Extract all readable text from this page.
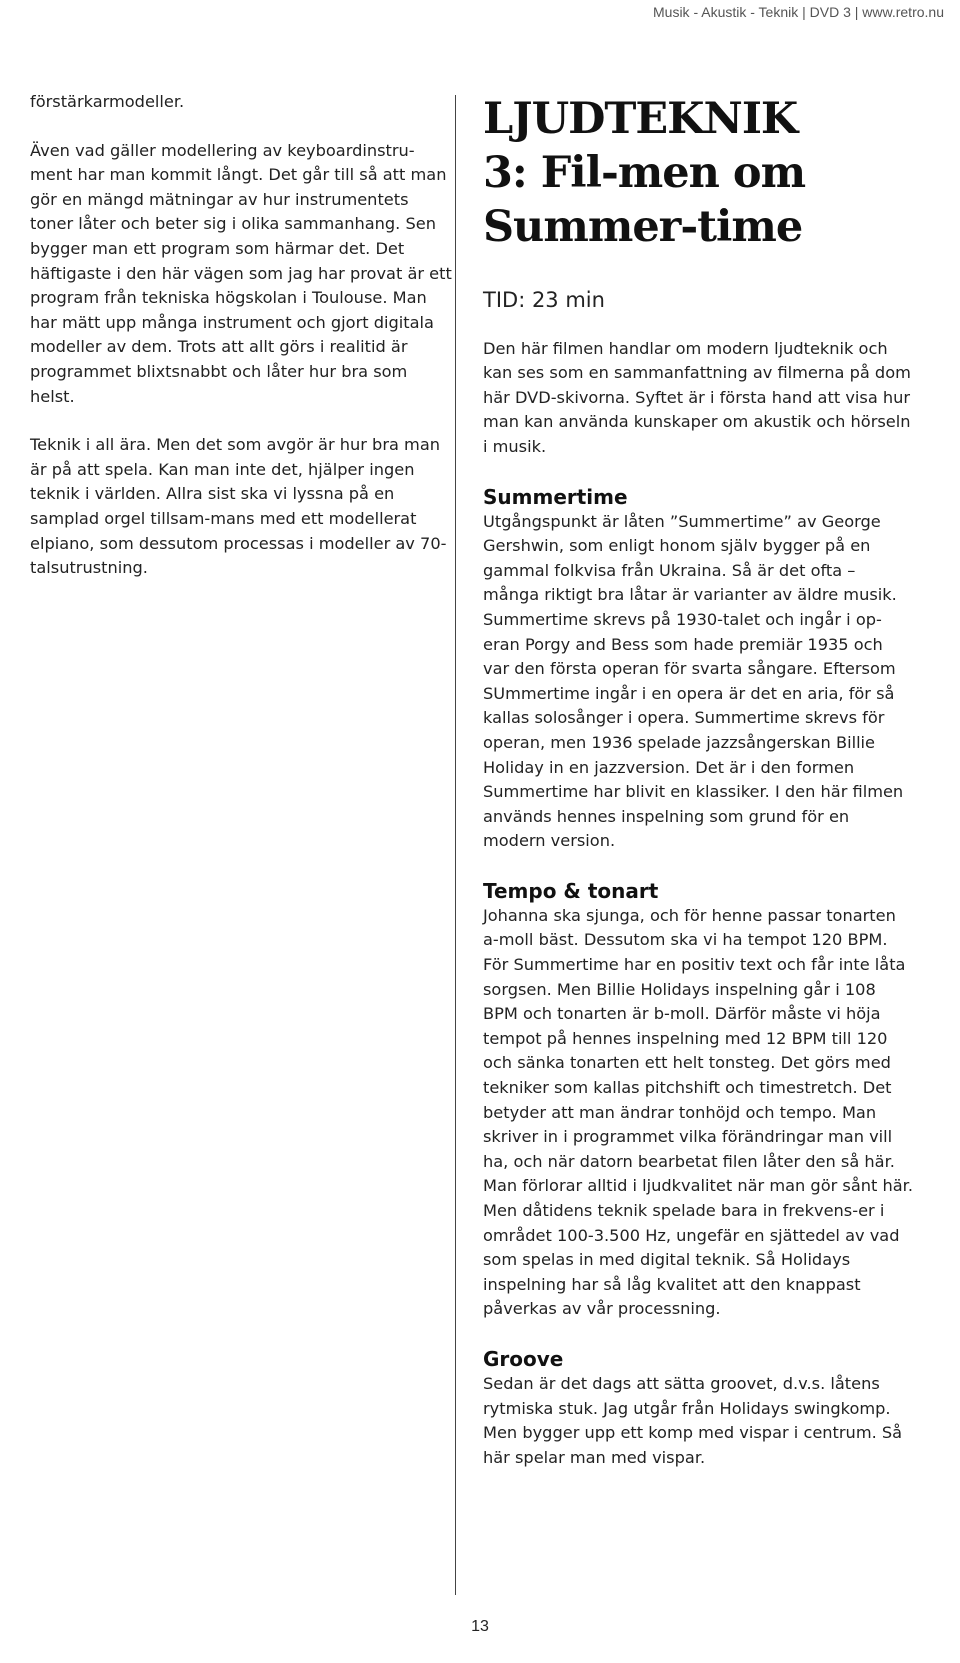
Musik - Akustik - Teknik | DVD 3 | www.retro.nu

förstärkarmodeller.

Även vad gäller modellering av keyboardinstru-ment har man kommit långt. Det går till så att man gör en mängd mätningar av hur instrumentets toner låter och beter sig i olika sammanhang. Sen bygger man ett program som härmar det. Det häftigaste i den här vägen som jag har provat är ett program från tekniska högskolan i Toulouse. Man har mätt upp många instrument och gjort digitala modeller av dem. Trots att allt görs i realitid är programmet blixtsnabbt och låter hur bra som helst.

Teknik i all ära. Men det som avgör är hur bra man är på att spela. Kan man inte det, hjälper ingen teknik i världen. Allra sist ska vi lyssna på en samplad orgel tillsam-mans med ett modellerat elpiano, som dessutom processas i modeller av 70-talsutrustning.

LJUDTEKNIK 3: Fil-men om Summer-time
TID: 23 min

Den här filmen handlar om modern ljudteknik och kan ses som en sammanfattning av filmerna på dom här DVD-skivorna. Syftet är i första hand att visa hur man kan använda kunskaper om akustik och hörseln i musik.

Summertime

Utgångspunkt är låten ”Summertime” av George Gershwin, som enligt honom själv bygger på en gammal folkvisa från Ukraina. Så är det ofta – många riktigt bra låtar är varianter av äldre musik. Summertime skrevs på 1930-talet och ingår i op-eran Porgy and Bess som hade premiär 1935 och var den första operan för svarta sångare. Eftersom SUmmertime ingår i en opera är det en aria, för så kallas solosånger i opera. Summertime skrevs för operan, men 1936 spelade jazzsångerskan Billie Holiday in en jazzversion. Det är i den formen Summertime har blivit en klassiker. I den här filmen används hennes inspelning som grund för en modern version.

Tempo & tonart

Johanna ska sjunga, och för henne passar tonarten a-moll bäst. Dessutom ska vi ha tempot 120 BPM. För Summertime har en positiv text och får inte låta sorgsen. Men Billie Holidays inspelning går i 108 BPM och tonarten är b-moll. Därför måste vi höja tempot på hennes inspelning med 12 BPM till 120 och sänka tonarten ett helt tonsteg. Det görs med tekniker som kallas pitchshift och timestretch. Det betyder att man ändrar tonhöjd och tempo. Man skriver in i programmet vilka förändringar man vill ha, och när datorn bearbetat filen låter den så här. Man förlorar alltid i ljudkvalitet när man gör sånt här. Men dåtidens teknik spelade bara in frekvens-er i området 100-3.500 Hz, ungefär en sjättedel av vad som spelas in med digital teknik. Så Holidays inspelning har så låg kvalitet att den knappast påverkas av vår processning.

Groove

Sedan är det dags att sätta groovet, d.v.s. låtens rytmiska stuk. Jag utgår från Holidays swingkomp. Men bygger upp ett komp med vispar i centrum. Så här spelar man med vispar.

13
